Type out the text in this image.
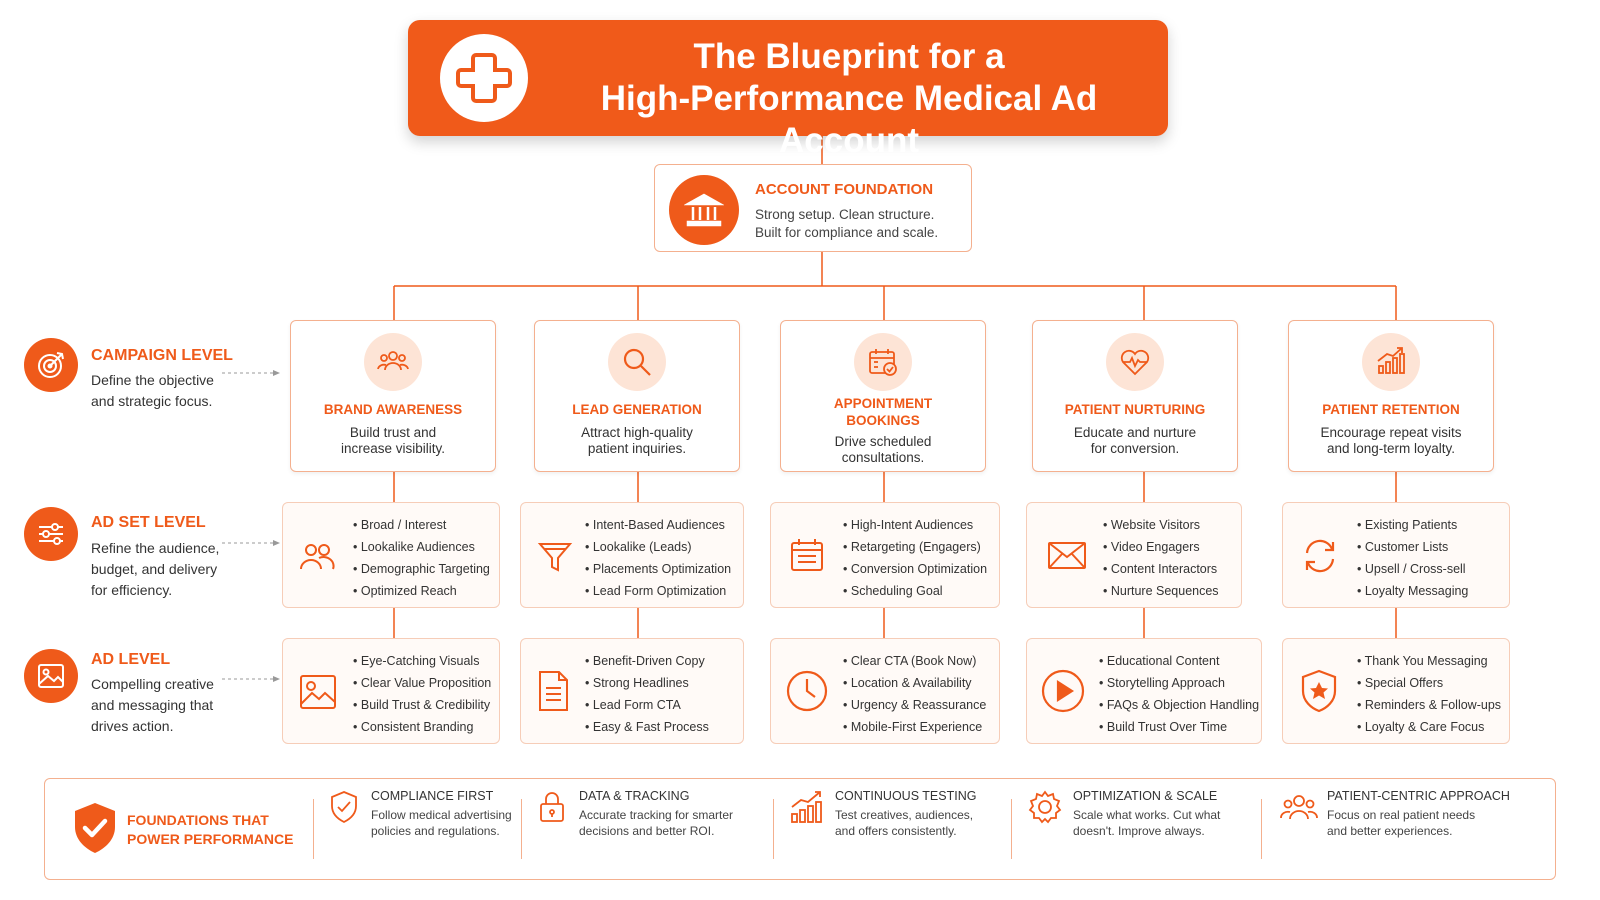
The Blueprint for a
High-Performance Medical Ad Account
ACCOUNT FOUNDATION
Strong setup. Clean structure.
Built for compliance and scale.
CAMPAIGN LEVEL
Define the objective
and strategic focus.
AD SET LEVEL
Refine the audience,
budget, and delivery
for efficiency.
AD LEVEL
Compelling creative
and messaging that
drives action.
BRAND AWARENESS
Build trust and
increase visibility.
LEAD GENERATION
Attract high-quality
patient inquiries.
APPOINTMENT
BOOKINGS
Drive scheduled
consultations.
PATIENT NURTURING
Educate and nurture
for conversion.
PATIENT RETENTION
Encourage repeat visits
and long-term loyalty.
• Broad / Interest
• Lookalike Audiences
• Demographic Targeting
• Optimized Reach
• Intent-Based Audiences
• Lookalike (Leads)
• Placements Optimization
• Lead Form Optimization
• High-Intent Audiences
• Retargeting (Engagers)
• Conversion Optimization
• Scheduling Goal
• Website Visitors
• Video Engagers
• Content Interactors
• Nurture Sequences
• Existing Patients
• Customer Lists
• Upsell / Cross-sell
• Loyalty Messaging
• Eye-Catching Visuals
• Clear Value Proposition
• Build Trust & Credibility
• Consistent Branding
• Benefit-Driven Copy
• Strong Headlines
• Lead Form CTA
• Easy & Fast Process
• Clear CTA (Book Now)
• Location & Availability
• Urgency & Reassurance
• Mobile-First Experience
• Educational Content
• Storytelling Approach
• FAQs & Objection Handling
• Build Trust Over Time
• Thank You Messaging
• Special Offers
• Reminders & Follow-ups
• Loyalty & Care Focus
FOUNDATIONS THAT
POWER PERFORMANCE
COMPLIANCE FIRST
Follow medical advertising
policies and regulations.
DATA & TRACKING
Accurate tracking for smarter
decisions and better ROI.
CONTINUOUS TESTING
Test creatives, audiences,
and offers consistently.
OPTIMIZATION & SCALE
Scale what works. Cut what
doesn't. Improve always.
PATIENT-CENTRIC APPROACH
Focus on real patient needs
and better experiences.
